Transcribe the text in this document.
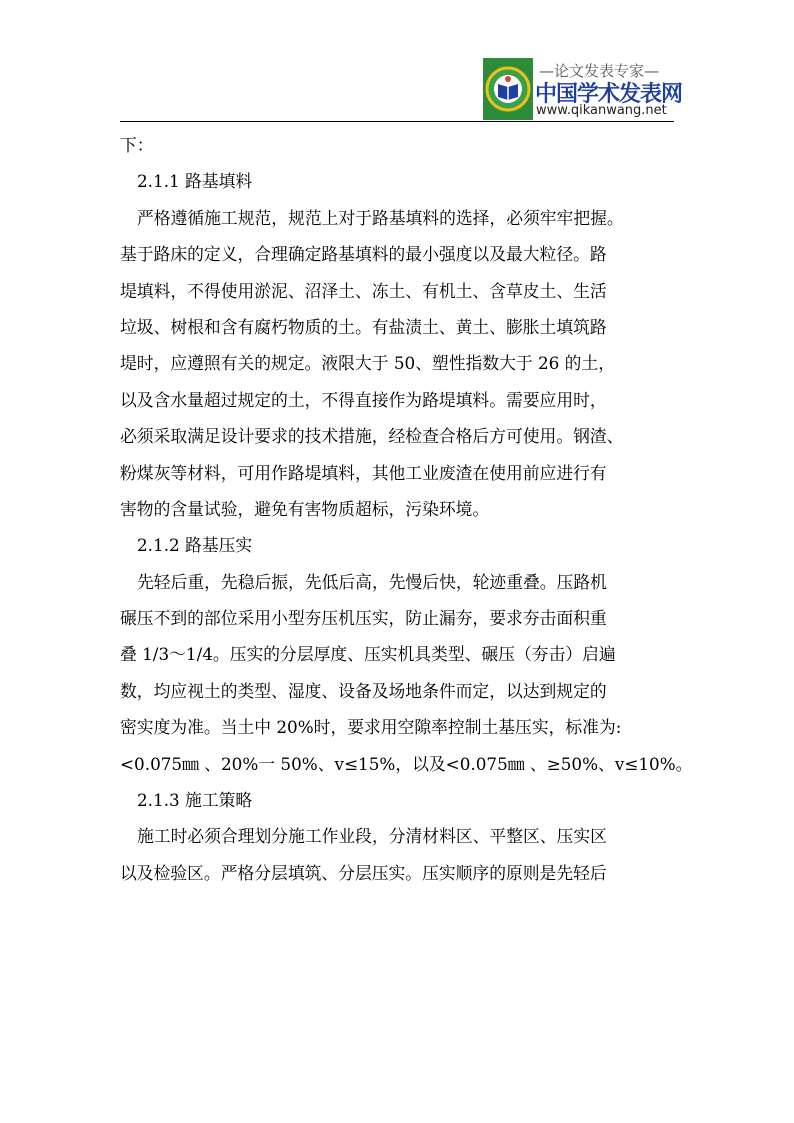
—论文发表专家—
中国学术发表网
www.qikanwang.net
下：
2.1.1 路基填料
严格遵循施工规范，规范上对于路基填料的选择，必须牢牢把握。
基于路床的定义，合理确定路基填料的最小强度以及最大粒径。路
堤填料，不得使用淤泥、沼泽土、冻土、有机土、含草皮土、生活
垃圾、树根和含有腐朽物质的土。有盐渍土、黄土、膨胀土填筑路
堤时，应遵照有关的规定。液限大于 50、塑性指数大于 26 的土，
以及含水量超过规定的土，不得直接作为路堤填料。需要应用时，
必须采取满足设计要求的技术措施，经检查合格后方可使用。钢渣、
粉煤灰等材料，可用作路堤填料，其他工业废渣在使用前应进行有
害物的含量试验，避免有害物质超标，污染环境。
2.1.2 路基压实
先轻后重，先稳后振，先低后高，先慢后快，轮迹重叠。压路机
碾压不到的部位采用小型夯压机压实，防止漏夯，要求夯击面积重
叠 1/3～1/4。压实的分层厚度、压实机具类型、碾压（夯击）启遍
数，均应视土的类型、湿度、设备及场地条件而定，以达到规定的
密实度为准。当土中 20%时，要求用空隙率控制土基压实，标准为:
<0.075㎜ 、20%一 50%、v≤15%，以及<0.075㎜ 、≥50%、v≤10%。
2.1.3 施工策略
施工时必须合理划分施工作业段，分清材料区、平整区、压实区
以及检验区。严格分层填筑、分层压实。压实顺序的原则是先轻后
